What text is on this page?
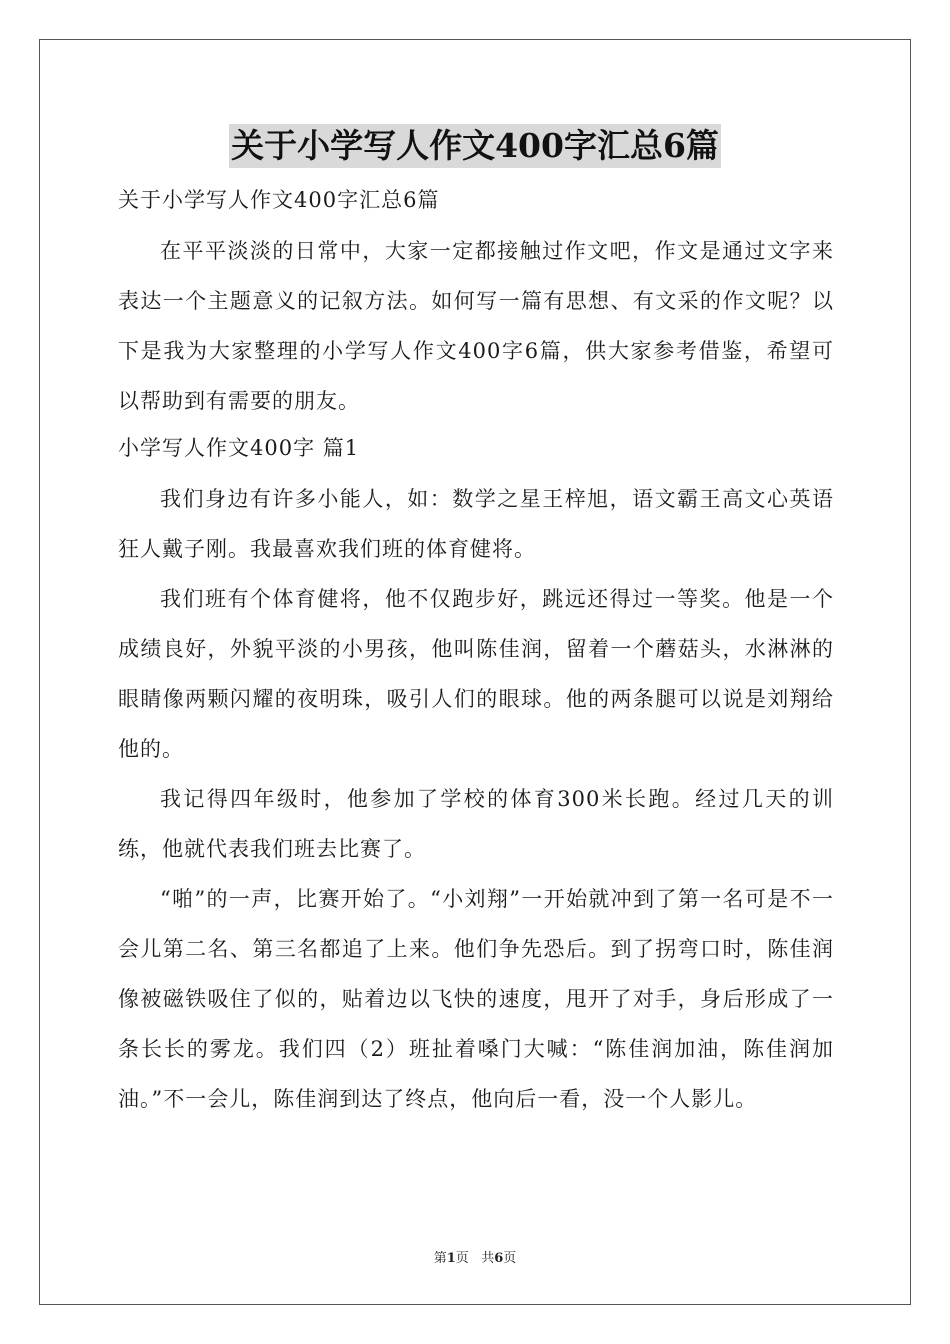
关于小学写人作文400字汇总6篇

关于小学写人作文400字汇总6篇

在平平淡淡的日常中，大家一定都接触过作文吧，作文是通过文字来表达一个主题意义的记叙方法。如何写一篇有思想、有文采的作文呢？以下是我为大家整理的小学写人作文400字6篇，供大家参考借鉴，希望可以帮助到有需要的朋友。

小学写人作文400字 篇1

我们身边有许多小能人，如：数学之星王梓旭，语文霸王高文心英语狂人戴子刚。我最喜欢我们班的体育健将。

我们班有个体育健将，他不仅跑步好，跳远还得过一等奖。他是一个成绩良好，外貌平淡的小男孩，他叫陈佳润，留着一个蘑菇头，水淋淋的眼睛像两颗闪耀的夜明珠，吸引人们的眼球。他的两条腿可以说是刘翔给他的。

我记得四年级时，他参加了学校的体育300米长跑。经过几天的训练，他就代表我们班去比赛了。

“啪”的一声，比赛开始了。“小刘翔”一开始就冲到了第一名可是不一会儿第二名、第三名都追了上来。他们争先恐后。到了拐弯口时，陈佳润像被磁铁吸住了似的，贴着边以飞快的速度，甩开了对手，身后形成了一条长长的雾龙。我们四（2）班扯着嗓门大喊：“陈佳润加油，陈佳润加油。”不一会儿，陈佳润到达了终点，他向后一看，没一个人影儿。

第1页 共6页
